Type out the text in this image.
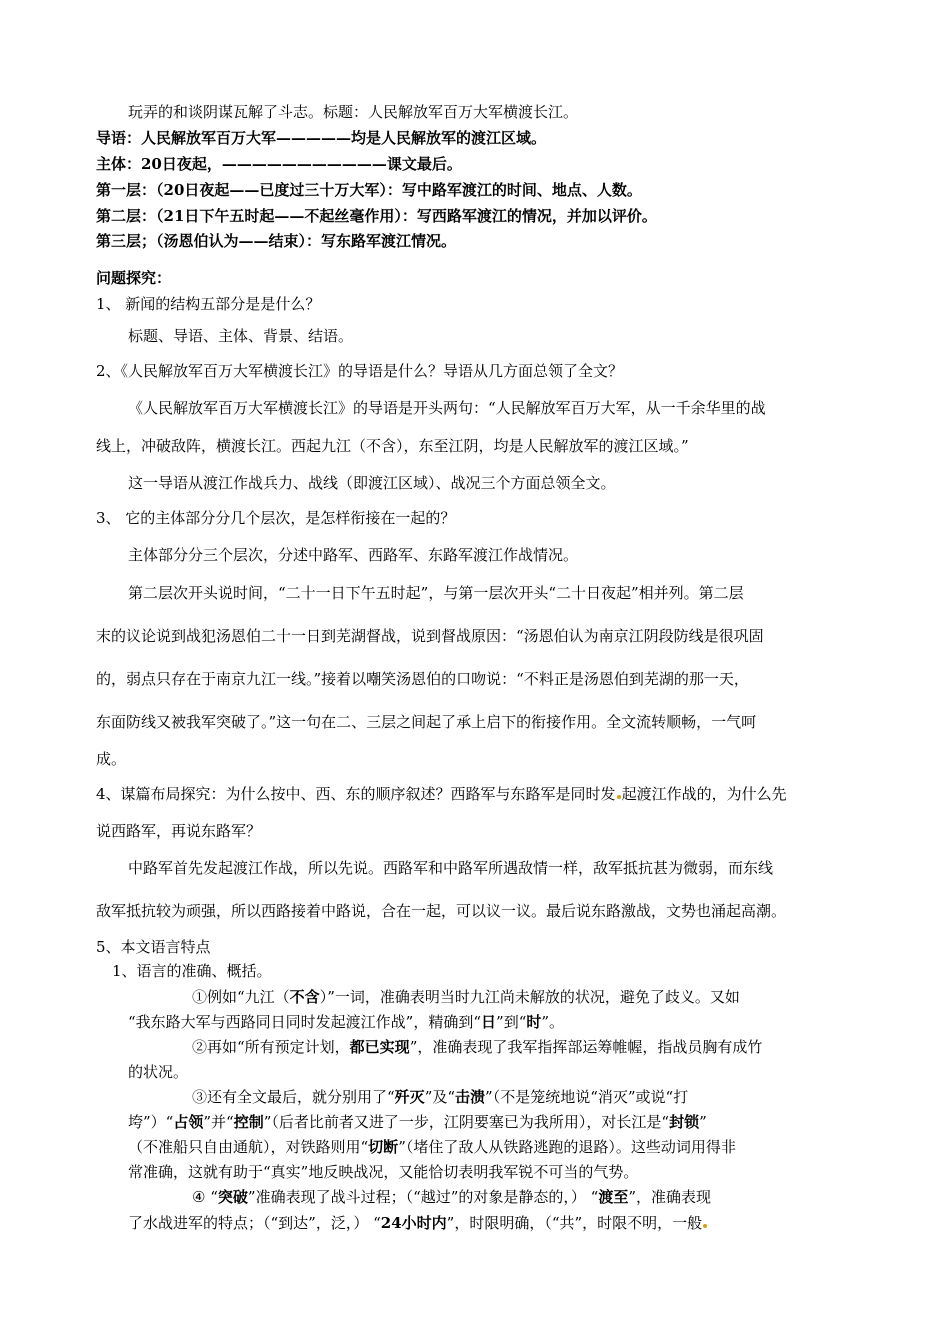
玩弄的和谈阴谋瓦解了斗志。标题：人民解放军百万大军横渡长江。
导语：人民解放军百万大军—————均是人民解放军的渡江区域。
主体：20日夜起，———————————课文最后。
第一层：（20日夜起——已度过三十万大军）：写中路军渡江的时间、地点、人数。
第二层：（21日下午五时起——不起丝毫作用）：写西路军渡江的情况，并加以评价。
第三层；（汤恩伯认为——结束）：写东路军渡江情况。
问题探究：
1、 新闻的结构五部分是是什么？
标题、导语、主体、背景、结语。
2、《人民解放军百万大军横渡长江》的导语是什么？导语从几方面总领了全文？
《人民解放军百万大军横渡长江》的导语是开头两句：“人民解放军百万大军，从一千余华里的战
线上，冲破敌阵，横渡长江。西起九江（不含），东至江阴，均是人民解放军的渡江区域。”
这一导语从渡江作战兵力、战线（即渡江区域）、战况三个方面总领全文。
3、 它的主体部分分几个层次，是怎样衔接在一起的？
主体部分分三个层次，分述中路军、西路军、东路军渡江作战情况。
第二层次开头说时间，“二十一日下午五时起”，与第一层次开头“二十日夜起”相并列。第二层
末的议论说到战犯汤恩伯二十一日到芜湖督战，说到督战原因：“汤恩伯认为南京江阴段防线是很巩固
的，弱点只存在于南京九江一线。”接着以嘲笑汤恩伯的口吻说：“不料正是汤恩伯到芜湖的那一天，
东面防线又被我军突破了。”这一句在二、三层之间起了承上启下的衔接作用。全文流转顺畅，一气呵
成。
4、谋篇布局探究：为什么按中、西、东的顺序叙述？西路军与东路军是同时发 起渡江作战的，为什么先
说西路军，再说东路军？
中路军首先发起渡江作战，所以先说。西路军和中路军所遇敌情一样，敌军抵抗甚为微弱，而东线
敌军抵抗较为顽强，所以西路接着中路说，合在一起，可以议一议。最后说东路激战，文势也涌起高潮。
5、本文语言特点
1、语言的准确、概括。
①例如“九江（不含）”一词，准确表明当时九江尚未解放的状况，避免了歧义。又如
“我东路大军与西路同日同时发起渡江作战”，精确到“日”到“时”。
②再如“所有预定计划，都已实现”，准确表现了我军指挥部运筹帷幄，指战员胸有成竹
的状况。
③还有全文最后，就分别用了“歼灭”及“击溃”（不是笼统地说“消灭”或说“打
垮”）“占领”并“控制”（后者比前者又进了一步，江阴要塞已为我所用），对长江是“封锁”
（不准船只自由通航），对铁路则用“切断”（堵住了敌人从铁路逃跑的退路）。这些动词用得非
常准确，这就有助于“真实”地反映战况，又能恰切表明我军锐不可当的气势。
④ “突破”准确表现了战斗过程；（“越过”的对象是静态的，） “渡至”，准确表现
了水战进军的特点；（“到达”，泛，） “24小时内”，时限明确，（“共”，时限不明，一般
